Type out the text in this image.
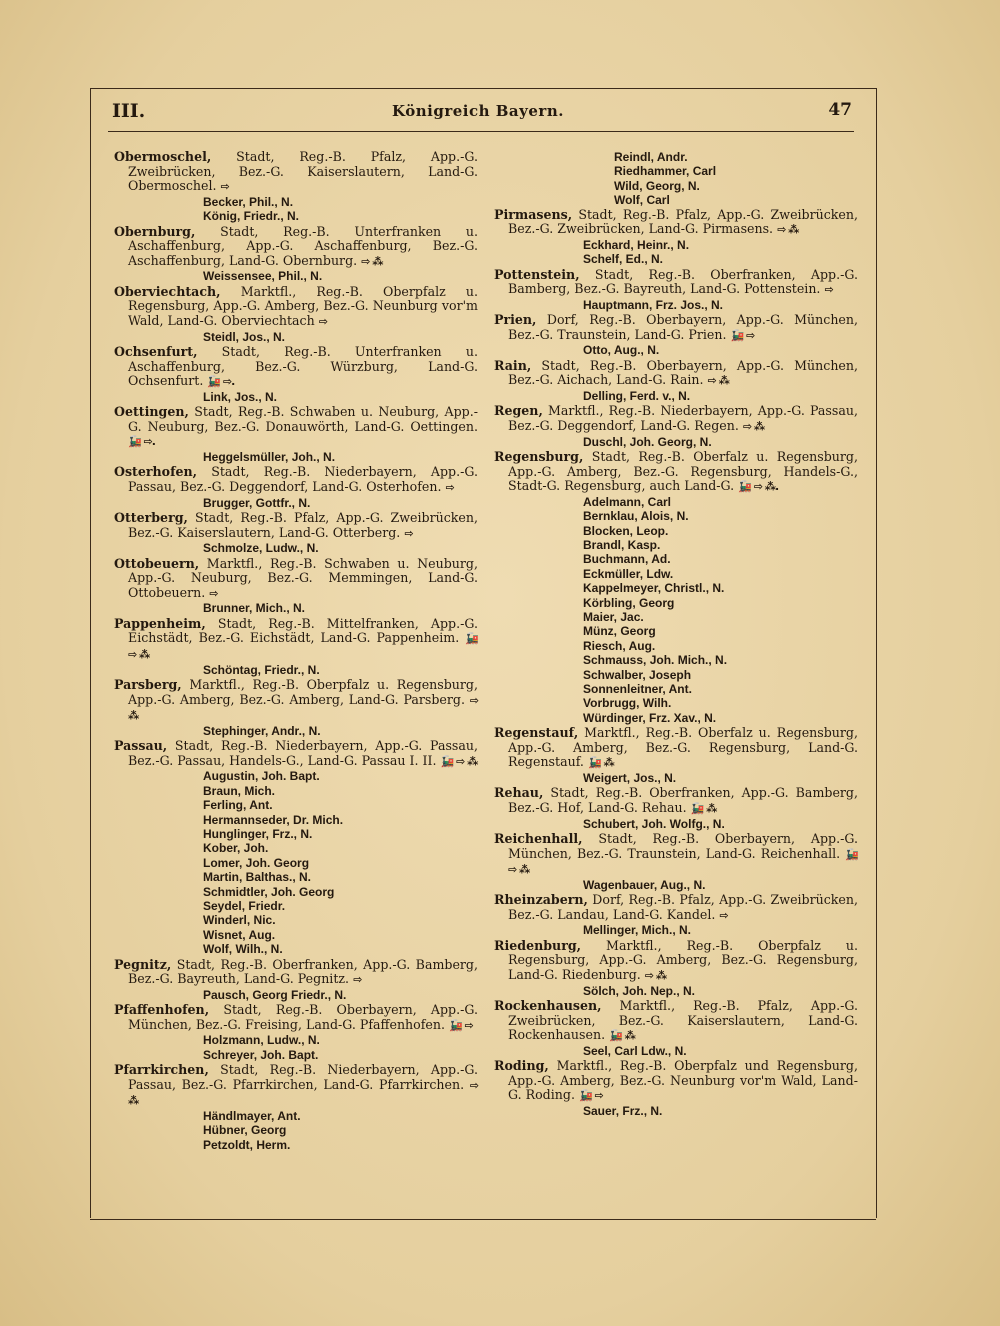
III.	Königreich Bayern.	47
Obermoschel, Stadt, Reg.-B. Pfalz, App.-G. Zweibrücken, Bez.-G. Kaiserslautern, Land-G. Obermoschel. ⇨
Becker, Phil., N.
König, Friedr., N.
Obernburg, Stadt, Reg.-B. Unterfranken u. Aschaffenburg, App.-G. Aschaffenburg, Bez.-G. Aschaffenburg, Land-G. Obernburg. ⇨ ⁂
Weissensee, Phil., N.
Oberviechtach, Marktfl., Reg.-B. Oberpfalz u. Regensburg, App.-G. Amberg, Bez.-G. Neunburg vor'm Wald, Land-G. Oberviechtach ⇨
Steidl, Jos., N.
Ochsenfurt, Stadt, Reg.-B. Unterfranken u. Aschaffenburg, Bez.-G. Würzburg, Land-G. Ochsenfurt. 🚂 ⇨.
Link, Jos., N.
Oettingen, Stadt, Reg.-B. Schwaben u. Neuburg, App.-G. Neuburg, Bez.-G. Donauwörth, Land-G. Oettingen. 🚂 ⇨.
Heggelsmüller, Joh., N.
Osterhofen, Stadt, Reg.-B. Niederbayern, App.-G. Passau, Bez.-G. Deggendorf, Land-G. Osterhofen. ⇨
Brugger, Gottfr., N.
Otterberg, Stadt, Reg.-B. Pfalz, App.-G. Zweibrücken, Bez.-G. Kaiserslautern, Land-G. Otterberg. ⇨
Schmolze, Ludw., N.
Ottobeuern, Marktfl., Reg.-B. Schwaben u. Neuburg, App.-G. Neuburg, Bez.-G. Memmingen, Land-G. Ottobeuern. ⇨
Brunner, Mich., N.
Pappenheim, Stadt, Reg.-B. Mittelfranken, App.-G. Eichstädt, Bez.-G. Eichstädt, Land-G. Pappenheim. 🚂 ⇨ ⁂
Schöntag, Friedr., N.
Parsberg, Marktfl., Reg.-B. Oberpfalz u. Regensburg, App.-G. Amberg, Bez.-G. Amberg, Land-G. Parsberg. ⇨ ⁂
Stephinger, Andr., N.
Passau, Stadt, Reg.-B. Niederbayern, App.-G. Passau, Bez.-G. Passau, Handels-G., Land-G. Passau I. II. 🚂 ⇨ ⁂
Augustin, Joh. Bapt.
Braun, Mich.
Ferling, Ant.
Hermannseder, Dr. Mich.
Hunglinger, Frz., N.
Kober, Joh.
Lomer, Joh. Georg
Martin, Balthas., N.
Schmidtler, Joh. Georg
Seydel, Friedr.
Winderl, Nic.
Wisnet, Aug.
Wolf, Wilh., N.
Pegnitz, Stadt, Reg.-B. Oberfranken, App.-G. Bamberg, Bez.-G. Bayreuth, Land-G. Pegnitz. ⇨
Pausch, Georg Friedr., N.
Pfaffenhofen, Stadt, Reg.-B. Oberbayern, App.-G. München, Bez.-G. Freising, Land-G. Pfaffenhofen. 🚂 ⇨
Holzmann, Ludw., N.
Schreyer, Joh. Bapt.
Pfarrkirchen, Stadt, Reg.-B. Niederbayern, App.-G. Passau, Bez.-G. Pfarrkirchen, Land-G. Pfarrkirchen. ⇨ ⁂
Händlmayer, Ant.
Hübner, Georg
Petzoldt, Herm.
Reindl, Andr.
Riedhammer, Carl
Wild, Georg, N.
Wolf, Carl
Pirmasens, Stadt, Reg.-B. Pfalz, App.-G. Zweibrücken, Bez.-G. Zweibrücken, Land-G. Pirmasens. ⇨ ⁂
Eckhard, Heinr., N.
Schelf, Ed., N.
Pottenstein, Stadt, Reg.-B. Oberfranken, App.-G. Bamberg, Bez.-G. Bayreuth, Land-G. Pottenstein. ⇨
Hauptmann, Frz. Jos., N.
Prien, Dorf, Reg.-B. Oberbayern, App.-G. München, Bez.-G. Traunstein, Land-G. Prien. 🚂 ⇨
Otto, Aug., N.
Rain, Stadt, Reg.-B. Oberbayern, App.-G. München, Bez.-G. Aichach, Land-G. Rain. ⇨ ⁂
Delling, Ferd. v., N.
Regen, Marktfl., Reg.-B. Niederbayern, App.-G. Passau, Bez.-G. Deggendorf, Land-G. Regen. ⇨ ⁂
Duschl, Joh. Georg, N.
Regensburg, Stadt, Reg.-B. Oberfalz u. Regensburg, App.-G. Amberg, Bez.-G. Regensburg, Handels-G., Stadt-G. Regensburg, auch Land-G. 🚂 ⇨ ⁂.
Adelmann, Carl
Bernklau, Alois, N.
Blocken, Leop.
Brandl, Kasp.
Buchmann, Ad.
Eckmüller, Ldw.
Kappelmeyer, Christl., N.
Körbling, Georg
Maier, Jac.
Münz, Georg
Riesch, Aug.
Schmauss, Joh. Mich., N.
Schwalber, Joseph
Sonnenleitner, Ant.
Vorbrugg, Wilh.
Würdinger, Frz. Xav., N.
Regenstauf, Marktfl., Reg.-B. Oberfalz u. Regensburg, App.-G. Amberg, Bez.-G. Regensburg, Land-G. Regenstauf. 🚂 ⁂
Weigert, Jos., N.
Rehau, Stadt, Reg.-B. Oberfranken, App.-G. Bamberg, Bez.-G. Hof, Land-G. Rehau. 🚂 ⁂
Schubert, Joh. Wolfg., N.
Reichenhall, Stadt, Reg.-B. Oberbayern, App.-G. München, Bez.-G. Traunstein, Land-G. Reichenhall. 🚂 ⇨ ⁂
Wagenbauer, Aug., N.
Rheinzabern, Dorf, Reg.-B. Pfalz, App.-G. Zweibrücken, Bez.-G. Landau, Land-G. Kandel. ⇨
Mellinger, Mich., N.
Riedenburg, Marktfl., Reg.-B. Oberpfalz u. Regensburg, App.-G. Amberg, Bez.-G. Regensburg, Land-G. Riedenburg. ⇨ ⁂
Sölch, Joh. Nep., N.
Rockenhausen, Marktfl., Reg.-B. Pfalz, App.-G. Zweibrücken, Bez.-G. Kaiserslautern, Land-G. Rockenhausen. 🚂 ⁂
Seel, Carl Ldw., N.
Roding, Marktfl., Reg.-B. Oberpfalz und Regensburg, App.-G. Amberg, Bez.-G. Neunburg vor'm Wald, Land-G. Roding. 🚂 ⇨
Sauer, Frz., N.
